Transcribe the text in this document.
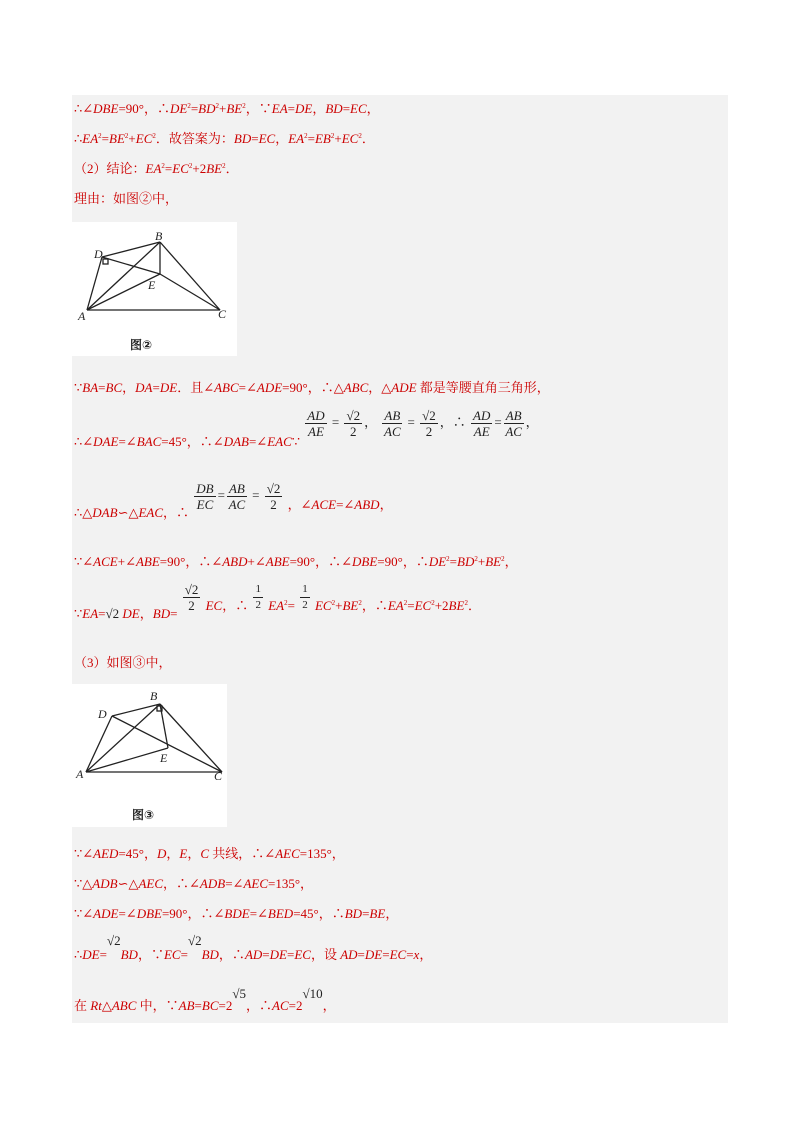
∴∠DBE=90°，$\therefore DE^2=BD^2+BE^2$，∵EA=DE，BD=EC，
$\therefore EA^2=BE^2+EC^2$．故答案为：BD=EC，$EA^2=EB^2+EC^2$．
（2）结论：$EA^2=EC^2+2BE^2$．
理由：如图②中，
D
B
E
A	C
图②
∵BA=BC，DA=DE．且∠ABC=∠ADE=90°，∴△ABC，△ADE 都是等腰直角三角形，
∴∠DAE=∠BAC=45°，∴∠DAB=∠EAC∵
$\frac{AD}{AE} = \frac{√2}{2}$ ， $\frac{AB}{AC} = \frac{√2}{2}$ ，∴ $\frac{AD}{AE} = \frac{AB}{AC}$ ，
∴△DAB∽△EAC，∴
$\frac{DB}{EC} = \frac{AB}{AC} = \frac{√2}{2}$ ，∠ACE=∠ABD，
∵∠ACE+∠ABE=90°，∴∠ABD+∠ABE=90°，∴∠DBE=90°，$\therefore DE^2=BD^2+BE^2$，
∵EA=√2 DE，BD=
$\frac{√2}{2}$ EC，∴ $\frac{1}{2} EA^2= \frac{1}{2} EC^2+BE^2$，$\therefore EA^2=EC^2+2BE^2$．
（3）如图③中，
D
B
E
A	C
图③
∵∠AED=45°，D，E，C 共线，∴∠AEC=135°，
∵△ADB∽△AEC，∴∠ADB=∠AEC=135°，
∵∠ADE=∠DBE=90°，∴∠BDE=∠BED=45°，∴BD=BE，
∴DE=√2BD，∵EC=√2BD，∴AD=DE=EC，设 AD=DE=EC=x，
在 Rt△ABC 中，∵AB=BC=2√5，∴AC=2√10，
